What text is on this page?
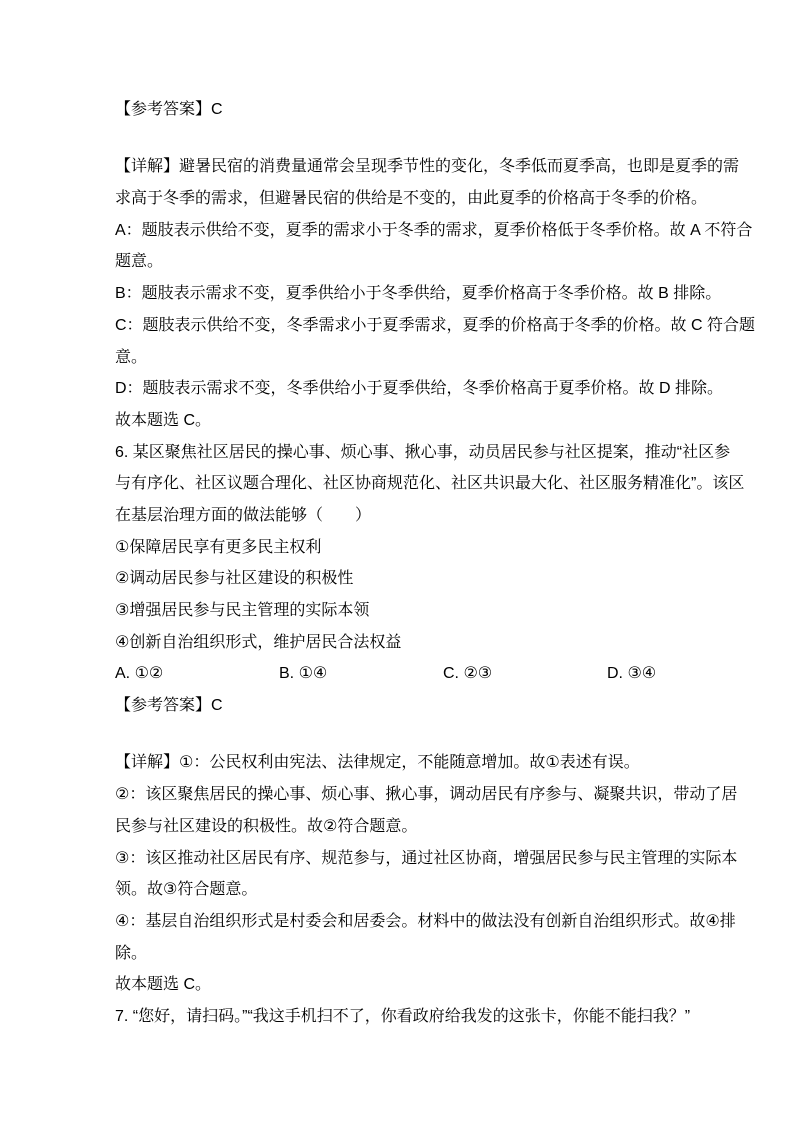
【参考答案】C
【详解】避暑民宿的消费量通常会呈现季节性的变化，冬季低而夏季高，也即是夏季的需
求高于冬季的需求，但避暑民宿的供给是不变的，由此夏季的价格高于冬季的价格。
A：题肢表示供给不变，夏季的需求小于冬季的需求，夏季价格低于冬季价格。故 A 不符合
题意。
B：题肢表示需求不变，夏季供给小于冬季供给，夏季价格高于冬季价格。故 B 排除。
C：题肢表示供给不变，冬季需求小于夏季需求，夏季的价格高于冬季的价格。故 C 符合题
意。
D：题肢表示需求不变，冬季供给小于夏季供给，冬季价格高于夏季价格。故 D 排除。
故本题选 C。
6. 某区聚焦社区居民的操心事、烦心事、揪心事，动员居民参与社区提案，推动“社区参
与有序化、社区议题合理化、社区协商规范化、社区共识最大化、社区服务精准化”。该区
在基层治理方面的做法能够（　　）
①保障居民享有更多民主权利
②调动居民参与社区建设的积极性
③增强居民参与民主管理的实际本领
④创新自治组织形式，维护居民合法权益
A. ①②	B. ①④	C. ②③	D. ③④
【参考答案】C
【详解】①：公民权利由宪法、法律规定，不能随意增加。故①表述有误。
②：该区聚焦居民的操心事、烦心事、揪心事，调动居民有序参与、凝聚共识，带动了居
民参与社区建设的积极性。故②符合题意。
③：该区推动社区居民有序、规范参与，通过社区协商，增强居民参与民主管理的实际本
领。故③符合题意。
④：基层自治组织形式是村委会和居委会。材料中的做法没有创新自治组织形式。故④排
除。
故本题选 C。
7. “您好，请扫码。”“我这手机扫不了，你看政府给我发的这张卡，你能不能扫我？”
